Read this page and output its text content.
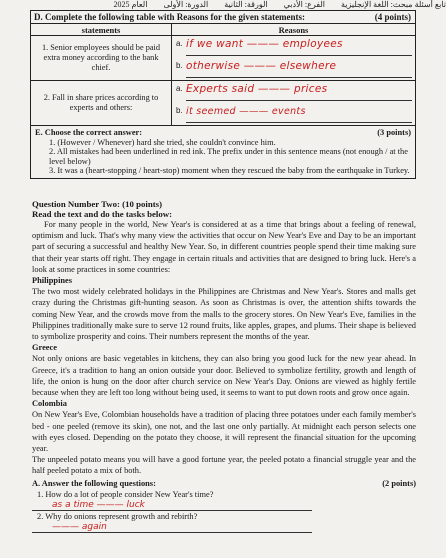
تابع أسئلة مبحث: اللغة الإنجليزية الفرع: الأدبي الورقة: الثانية الدورة: الأولى العام 2025
D. Complete the following table with Reasons for the given statements:	(4 points)
statements	Reasons

1. Senior employees should be paid extra money according to the bank chief.	a. if we want ——— employees
b. otherwise ——— elsewhere

2. Fall in share prices according to experts and others:	a. Experts said ——— prices
b. it seemed ——— events
E. Choose the correct answer:	(3 points)
1. (However / Whenever) hard she tried, she couldn't convince him.
2. All mistakes had been underlined in red ink. The prefix under in this sentence means (not enough / at the level below)
3. It was a (heart-stopping / heart-stop) moment when they rescued the baby from the earthquake in Turkey.
Question Number Two: (10 points)
Read the text and do the tasks below:

For many people in the world, New Year's is considered at as a time that brings about a feeling of renewal, optimism and luck. That's why many view the activities that occur on New Year's Eve and Day to be an important part of securing a successful and healthy New Year. So, in different countries people spend their time making sure that their year starts off right. They engage in certain rituals and activities that are designed to bring luck. Here's a look at some practices in some countries:

Philippines

The two most widely celebrated holidays in the Philippines are Christmas and New Year's. Stores and malls get crazy during the Christmas gift-hunting season. As soon as Christmas is over, the attention shifts towards the coming New Year, and the crowds move from the malls to the grocery stores. On New Year's Eve, families in the Philippines traditionally make sure to serve 12 round fruits, like apples, grapes, and plums. Their shape is believed to symbolize prosperity and coins. Their numbers represent the months of the year.

Greece

Not only onions are basic vegetables in kitchens, they can also bring you good luck for the new year ahead. In Greece, it's a tradition to hang an onion outside your door. Believed to symbolize fertility, growth and length of life, the onion is hung on the door after church service on New Year's Day. Onions are viewed as highly fertile because when they are left too long without being used, it seems to want to put down roots and grow once again.

Colombia

On New Year's Eve, Colombian households have a tradition of placing three potatoes under each family member's bed - one peeled (remove its skin), one not, and the last one only partially. At midnight each person selects one with eyes closed. Depending on the potato they choose, it will represent the financial situation for the upcoming year.

The unpeeled potato means you will have a good fortune year, the peeled potato a financial struggle year and the half peeled potato a mix of both.

A. Answer the following questions:	(2 points)
1. How do a lot of people consider New Year's time?
as a time ——— luck
2. Why do onions represent growth and rebirth?
——— again
